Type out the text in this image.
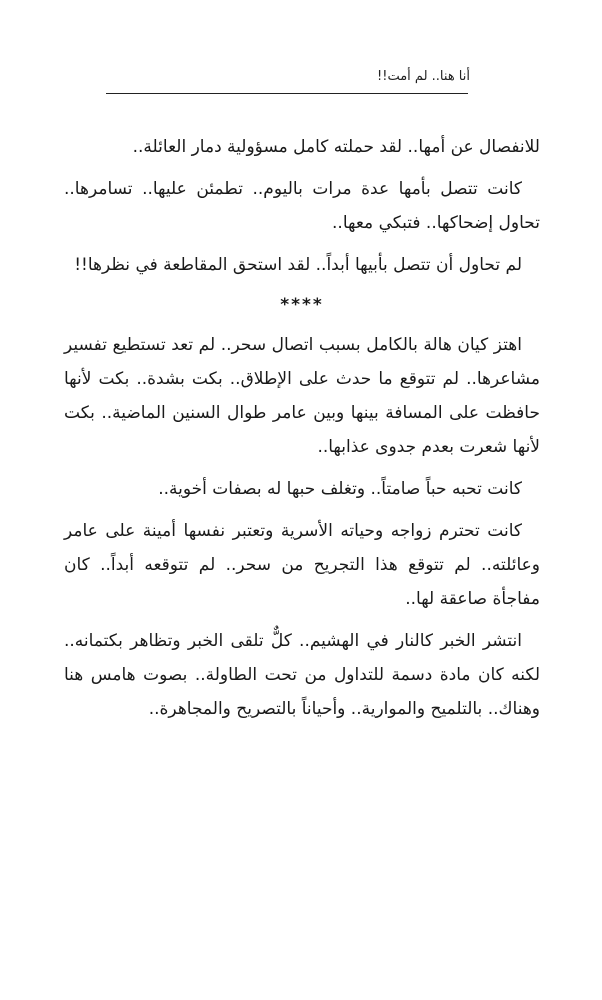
أنا هنا.. لم أمت!!

للانفصال عن أمها.. لقد حملته كامل مسؤولية دمار العائلة..

كانت تتصل بأمها عدة مرات باليوم.. تطمئن عليها.. تسامرها.. تحاول إضحاكها.. فتبكي معها..

لم تحاول أن تتصل بأبيها أبداً.. لقد استحق المقاطعة في نظرها!!

****

اهتز كيان هالة بالكامل بسبب اتصال سحر.. لم تعد تستطيع تفسير مشاعرها.. لم تتوقع ما حدث على الإطلاق.. بكت بشدة.. بكت لأنها حافظت على المسافة بينها وبين عامر طوال السنين الماضية.. بكت لأنها شعرت بعدم جدوى عذابها..

كانت تحبه حباً صامتاً.. وتغلف حبها له بصفات أخوية..

كانت تحترم زواجه وحياته الأسرية وتعتبر نفسها أمينة على عامر وعائلته.. لم تتوقع هذا التجريح من سحر.. لم تتوقعه أبداً.. كان مفاجأة صاعقة لها..

انتشر الخبر كالنار في الهشيم.. كلٌّ تلقى الخبر وتظاهر بكتمانه.. لكنه كان مادة دسمة للتداول من تحت الطاولة.. بصوت هامس هنا وهناك.. بالتلميح والموارية.. وأحياناً بالتصريح والمجاهرة..
